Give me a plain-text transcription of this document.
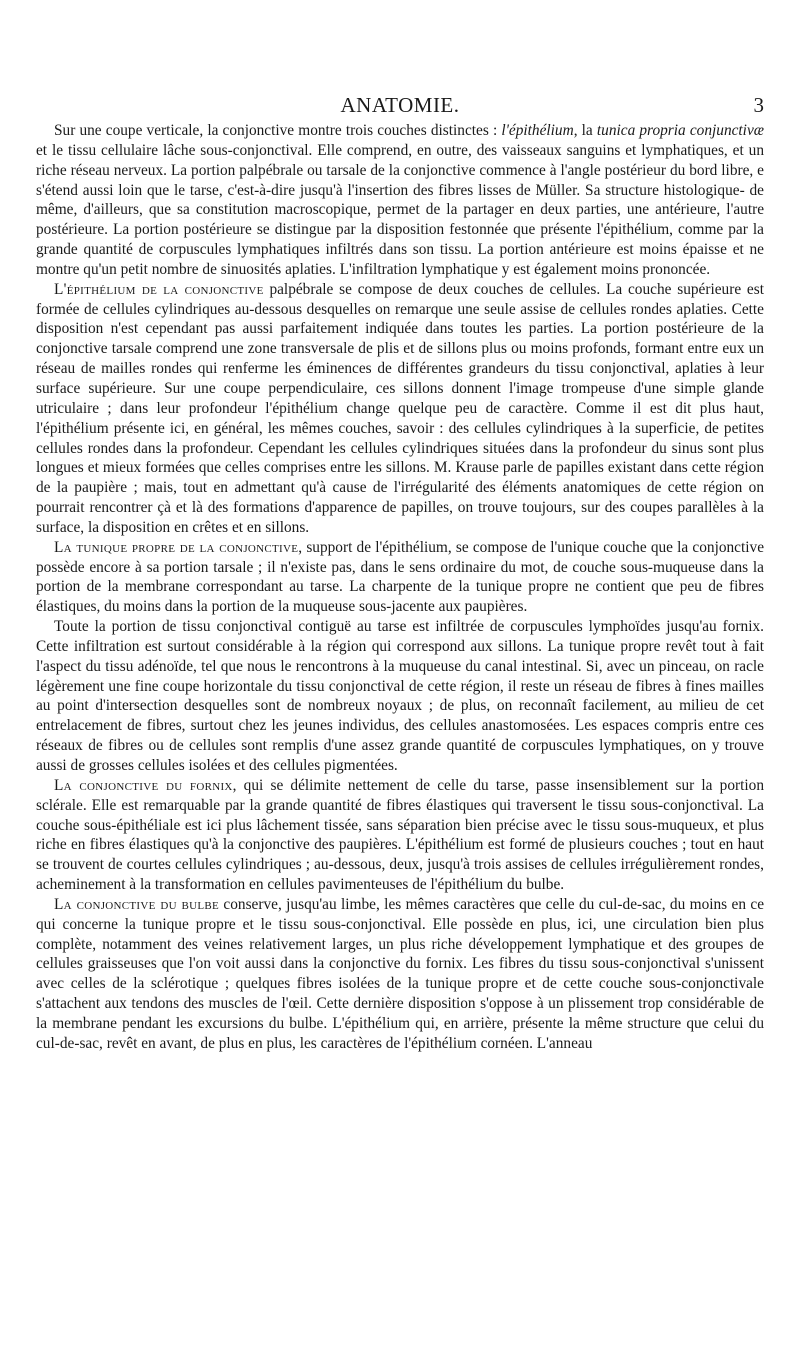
ANATOMIE.	3

Sur une coupe verticale, la conjonctive montre trois couches distinctes : l'épithélium, la tunica propria conjunctivæ et le tissu cellulaire lâche sous-conjonctival. Elle comprend, en outre, des vaisseaux sanguins et lymphatiques, et un riche réseau nerveux. La portion palpébrale ou tarsale de la conjonctive commence à l'angle postérieur du bord libre, e s'étend aussi loin que le tarse, c'est-à-dire jusqu'à l'insertion des fibres lisses de Müller. Sa structure histologique- de même, d'ailleurs, que sa constitution macroscopique, permet de la partager en deux parties, une antérieure, l'autre postérieure. La portion postérieure se distingue par la disposition festonnée que présente l'épithélium, comme par la grande quantité de corpuscules lymphatiques infiltrés dans son tissu. La portion antérieure est moins épaisse et ne montre qu'un petit nombre de sinuosités aplaties. L'infiltration lymphatique y est également moins prononcée.

L'épithélium de la conjonctive palpébrale se compose de deux couches de cellules. La couche supérieure est formée de cellules cylindriques au-dessous desquelles on remarque une seule assise de cellules rondes aplaties. Cette disposition n'est cependant pas aussi parfaitement indiquée dans toutes les parties. La portion postérieure de la conjonctive tarsale comprend une zone transversale de plis et de sillons plus ou moins profonds, formant entre eux un réseau de mailles rondes qui renferme les éminences de différentes grandeurs du tissu conjonctival, aplaties à leur surface supérieure. Sur une coupe perpendiculaire, ces sillons donnent l'image trompeuse d'une simple glande utriculaire ; dans leur profondeur l'épithélium change quelque peu de caractère. Comme il est dit plus haut, l'épithélium présente ici, en général, les mêmes couches, savoir : des cellules cylindriques à la superficie, de petites cellules rondes dans la profondeur. Cependant les cellules cylindriques situées dans la profondeur du sinus sont plus longues et mieux formées que celles comprises entre les sillons. M. Krause parle de papilles existant dans cette région de la paupière ; mais, tout en admettant qu'à cause de l'irrégularité des éléments anatomiques de cette région on pourrait rencontrer çà et là des formations d'apparence de papilles, on trouve toujours, sur des coupes parallèles à la surface, la disposition en crêtes et en sillons.

La tunique propre de la conjonctive, support de l'épithélium, se compose de l'unique couche que la conjonctive possède encore à sa portion tarsale ; il n'existe pas, dans le sens ordinaire du mot, de couche sous-muqueuse dans la portion de la membrane correspondant au tarse. La charpente de la tunique propre ne contient que peu de fibres élastiques, du moins dans la portion de la muqueuse sous-jacente aux paupières.

Toute la portion de tissu conjonctival contiguë au tarse est infiltrée de corpuscules lymphoïdes jusqu'au fornix. Cette infiltration est surtout considérable à la région qui correspond aux sillons. La tunique propre revêt tout à fait l'aspect du tissu adénoïde, tel que nous le rencontrons à la muqueuse du canal intestinal. Si, avec un pinceau, on racle légèrement une fine coupe horizontale du tissu conjonctival de cette région, il reste un réseau de fibres à fines mailles au point d'intersection desquelles sont de nombreux noyaux ; de plus, on reconnaît facilement, au milieu de cet entrelacement de fibres, surtout chez les jeunes individus, des cellules anastomosées. Les espaces compris entre ces réseaux de fibres ou de cellules sont remplis d'une assez grande quantité de corpuscules lymphatiques, on y trouve aussi de grosses cellules isolées et des cellules pigmentées.

La conjonctive du fornix, qui se délimite nettement de celle du tarse, passe insensiblement sur la portion sclérale. Elle est remarquable par la grande quantité de fibres élastiques qui traversent le tissu sous-conjonctival. La couche sous-épithéliale est ici plus lâchement tissée, sans séparation bien précise avec le tissu sous-muqueux, et plus riche en fibres élastiques qu'à la conjonctive des paupières. L'épithélium est formé de plusieurs couches ; tout en haut se trouvent de courtes cellules cylindriques ; au-dessous, deux, jusqu'à trois assises de cellules irrégulièrement rondes, acheminement à la transformation en cellules pavimenteuses de l'épithélium du bulbe.

La conjonctive du bulbe conserve, jusqu'au limbe, les mêmes caractères que celle du cul-de-sac, du moins en ce qui concerne la tunique propre et le tissu sous-conjonctival. Elle possède en plus, ici, une circulation bien plus complète, notamment des veines relativement larges, un plus riche développement lymphatique et des groupes de cellules graisseuses que l'on voit aussi dans la conjonctive du fornix. Les fibres du tissu sous-conjonctival s'unissent avec celles de la sclérotique ; quelques fibres isolées de la tunique propre et de cette couche sous-conjonctivale s'attachent aux tendons des muscles de l'œil. Cette dernière disposition s'oppose à un plissement trop considérable de la membrane pendant les excursions du bulbe. L'épithélium qui, en arrière, présente la même structure que celui du cul-de-sac, revêt en avant, de plus en plus, les caractères de l'épithélium cornéen. L'anneau
